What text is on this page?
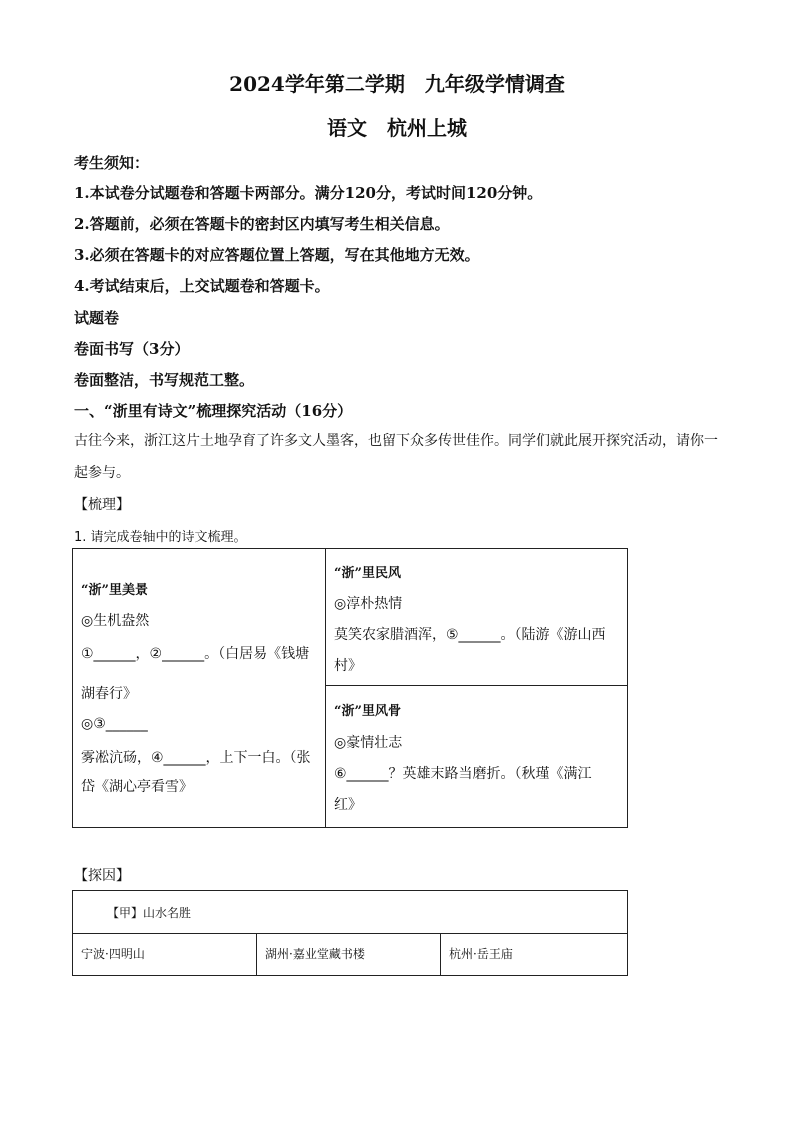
2024学年第二学期　九年级学情调查
语文　杭州上城
考生须知：
1.本试卷分试题卷和答题卡两部分。满分120分，考试时间120分钟。
2.答题前，必须在答题卡的密封区内填写考生相关信息。
3.必须在答题卡的对应答题位置上答题，写在其他地方无效。
4.考试结束后，上交试题卷和答题卡。
试题卷
卷面书写（3分）
卷面整洁，书写规范工整。
一、“浙里有诗文”梳理探究活动（16分）
古往今来，浙江这片土地孕育了许多文人墨客，也留下众多传世佳作。同学们就此展开探究活动，请你一
起参与。
【梳理】
1. 请完成卷轴中的诗文梳理。
“浙”里美景
◎生机盎然
①______，②______。（白居易《钱塘
湖春行》
◎③______
雾凇沆砀，④______，上下一白。（张
岱《湖心亭看雪》
“浙”里民风
◎淳朴热情
莫笑农家腊酒浑，⑤______。（陆游《游山西
村》
“浙”里风骨
◎豪情壮志
⑥______？英雄末路当磨折。（秋瑾《满江
红》
【探因】
【甲】山水名胜
宁波·四明山	湖州·嘉业堂藏书楼	杭州·岳王庙
